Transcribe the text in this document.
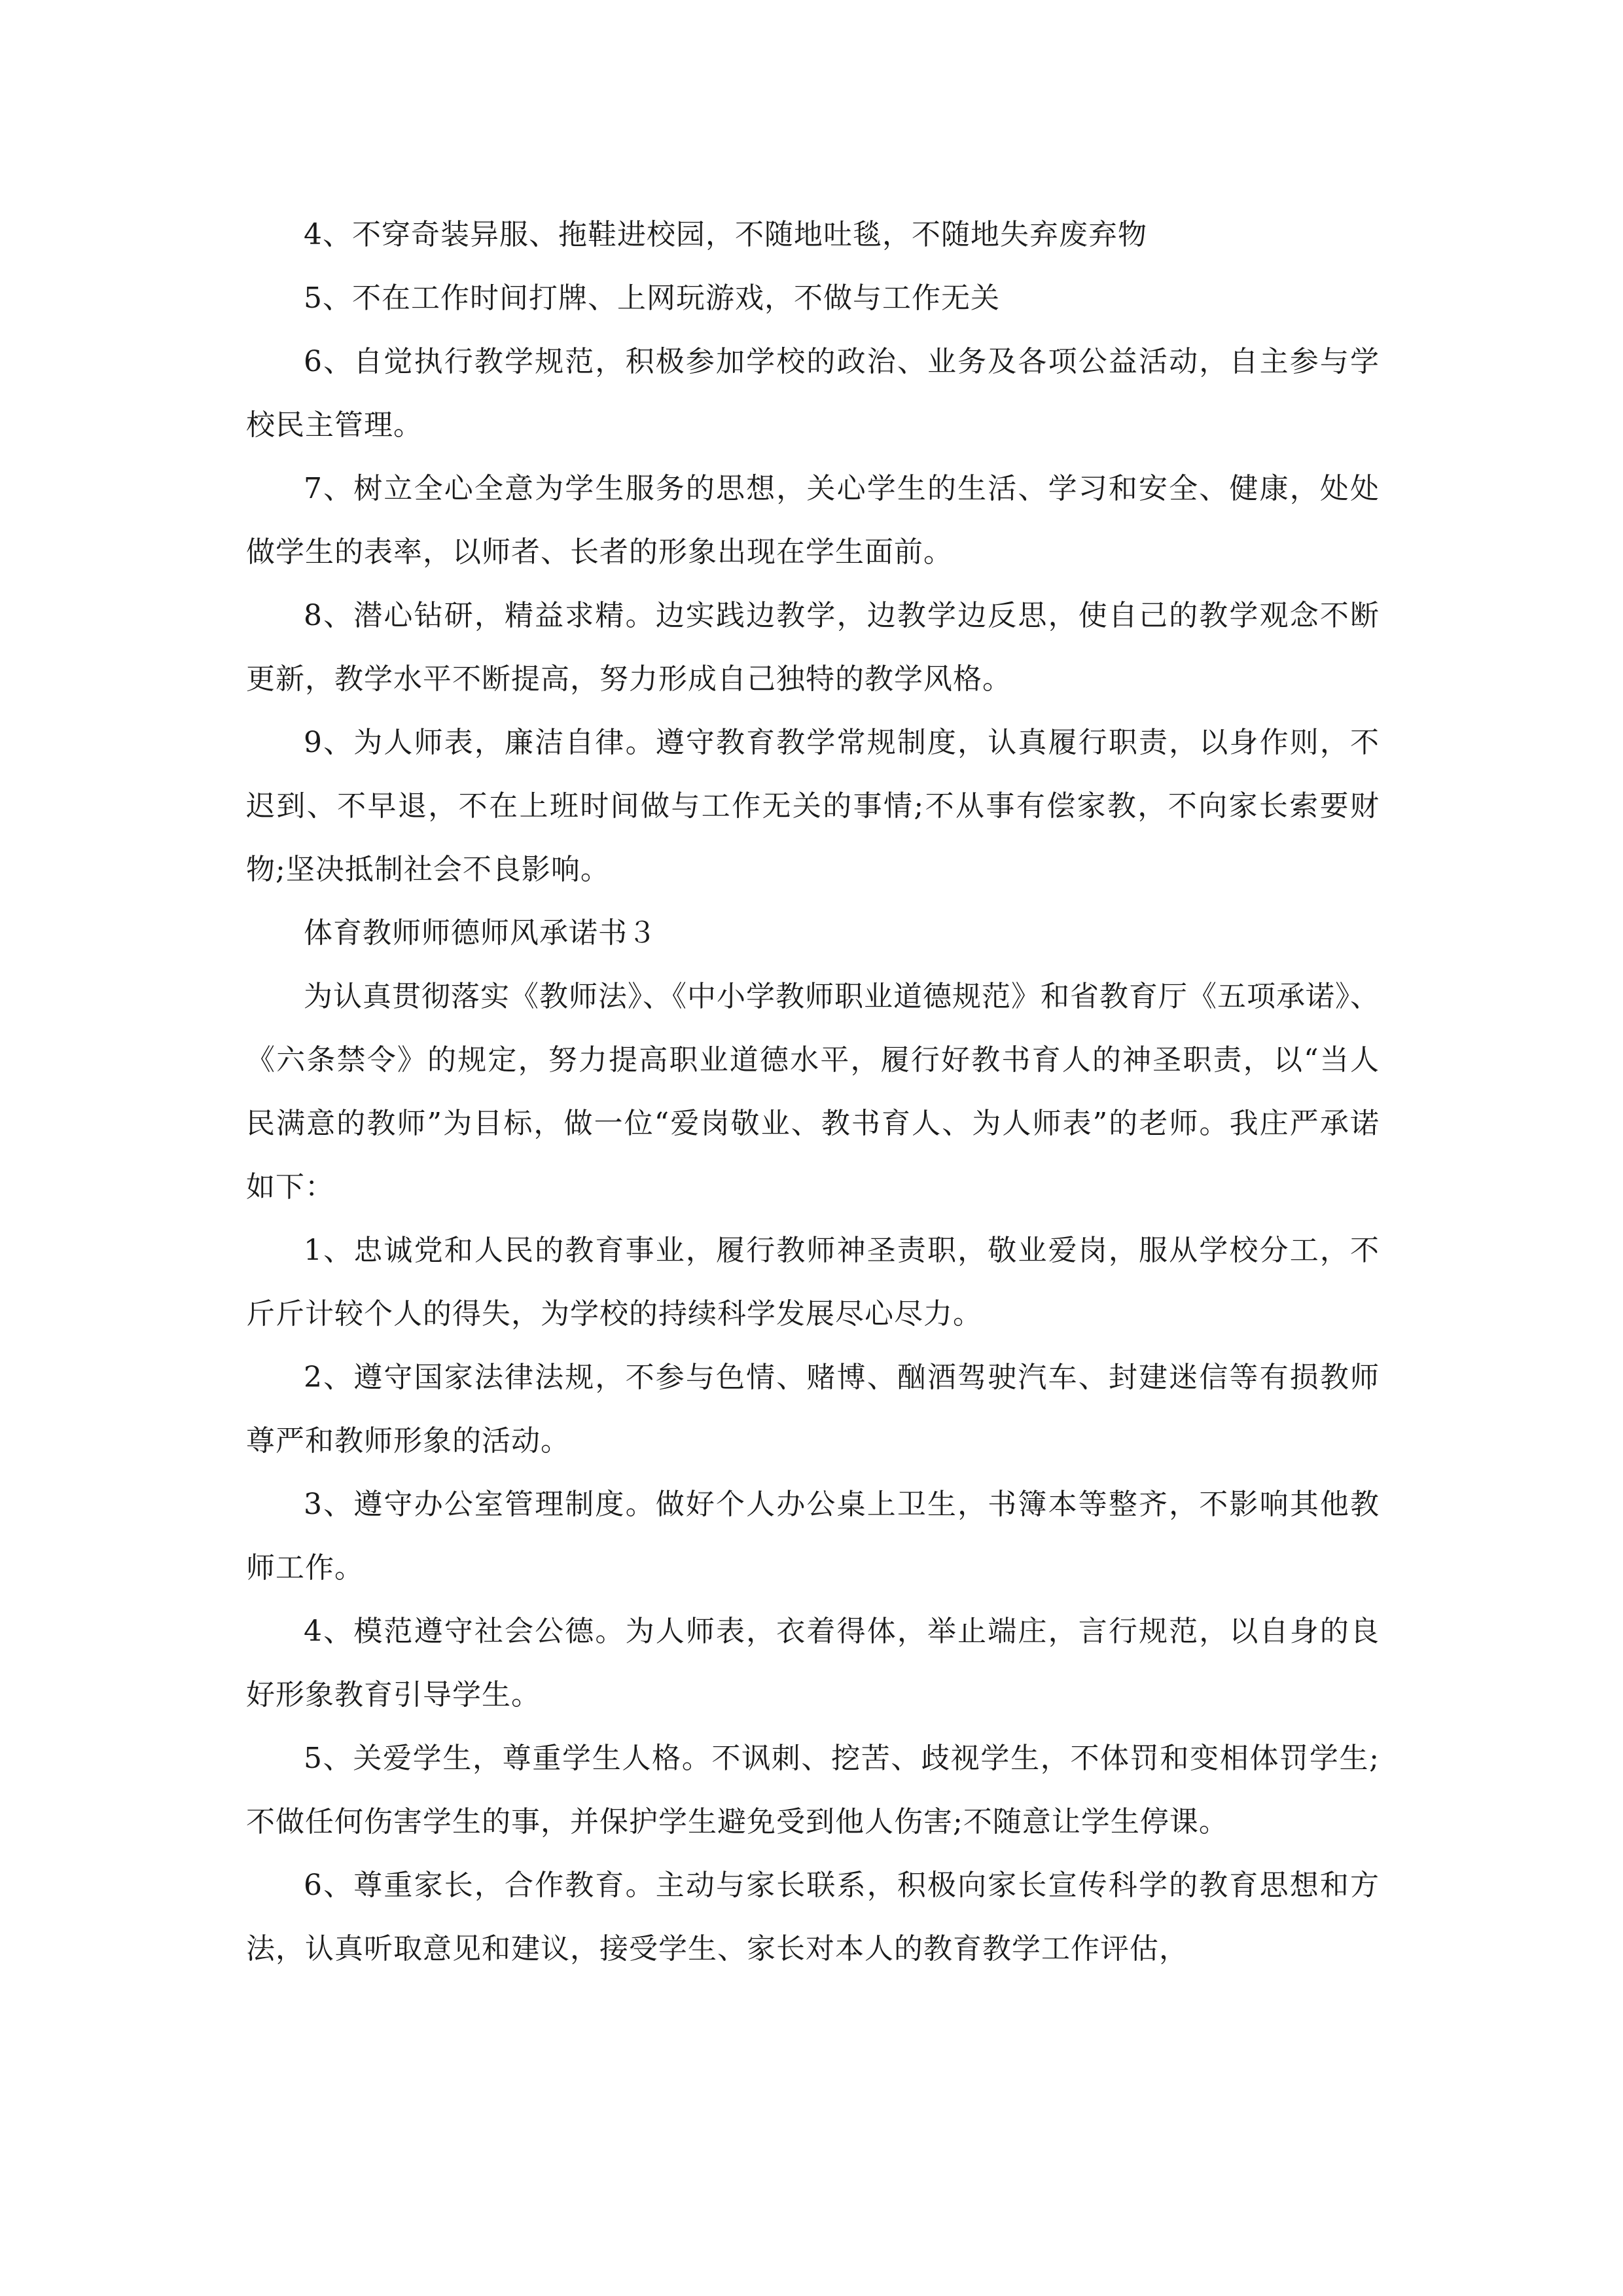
4、不穿奇装异服、拖鞋进校园，不随地吐毯，不随地失弃废弃物

5、不在工作时间打牌、上网玩游戏，不做与工作无关

6、自觉执行教学规范，积极参加学校的政治、业务及各项公益活动，自主参与学校民主管理。

7、树立全心全意为学生服务的思想，关心学生的生活、学习和安全、健康，处处做学生的表率，以师者、长者的形象出现在学生面前。

8、潜心钻研，精益求精。边实践边教学，边教学边反思，使自己的教学观念不断更新，教学水平不断提高，努力形成自己独特的教学风格。

9、为人师表，廉洁自律。遵守教育教学常规制度，认真履行职责，以身作则，不迟到、不早退，不在上班时间做与工作无关的事情;不从事有偿家教，不向家长索要财物;坚决抵制社会不良影响。

体育教师师德师风承诺书３

为认真贯彻落实《教师法》、《中小学教师职业道德规范》和省教育厅《五项承诺》、《六条禁令》的规定，努力提高职业道德水平，履行好教书育人的神圣职责，以“当人民满意的教师”为目标，做一位“爱岗敬业、教书育人、为人师表”的老师。我庄严承诺如下：

1、忠诚党和人民的教育事业，履行教师神圣责职，敬业爱岗，服从学校分工，不斤斤计较个人的得失，为学校的持续科学发展尽心尽力。

2、遵守国家法律法规，不参与色情、赌博、酗酒驾驶汽车、封建迷信等有损教师尊严和教师形象的活动。

3、遵守办公室管理制度。做好个人办公桌上卫生，书簿本等整齐，不影响其他教师工作。

4、模范遵守社会公德。为人师表，衣着得体，举止端庄，言行规范，以自身的良好形象教育引导学生。

5、关爱学生，尊重学生人格。不讽刺、挖苦、歧视学生，不体罚和变相体罚学生;不做任何伤害学生的事，并保护学生避免受到他人伤害;不随意让学生停课。

6、尊重家长，合作教育。主动与家长联系，积极向家长宣传科学的教育思想和方法，认真听取意见和建议，接受学生、家长对本人的教育教学工作评估，
